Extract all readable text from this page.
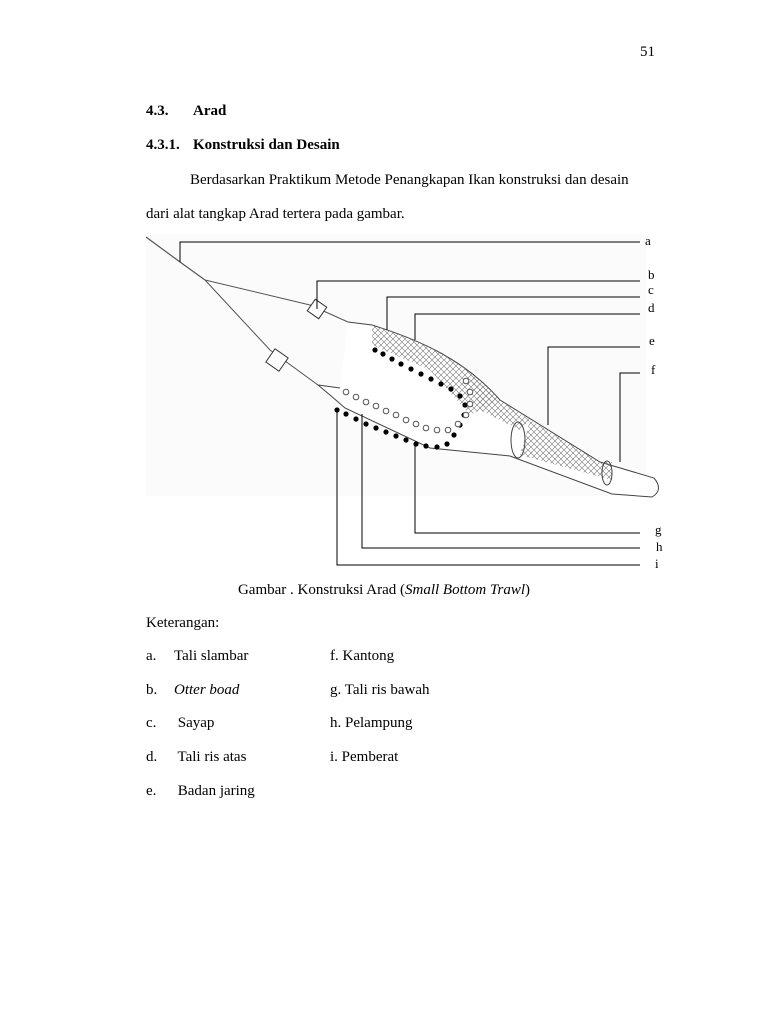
51
4.3. Arad
4.3.1. Konstruksi dan Desain
Berdasarkan Praktikum Metode Penangkapan Ikan konstruksi dan desain
dari alat tangkap Arad tertera pada gambar.
a
b
c
d
e
f
g
h
i
Gambar . Konstruksi Arad (Small Bottom Trawl)
Keterangan:
a. Tali slambar	f. Kantong
b. Otter boad	g. Tali ris bawah
c. Sayap	h. Pelampung
d. Tali ris atas	i. Pemberat
e. Badan jaring
